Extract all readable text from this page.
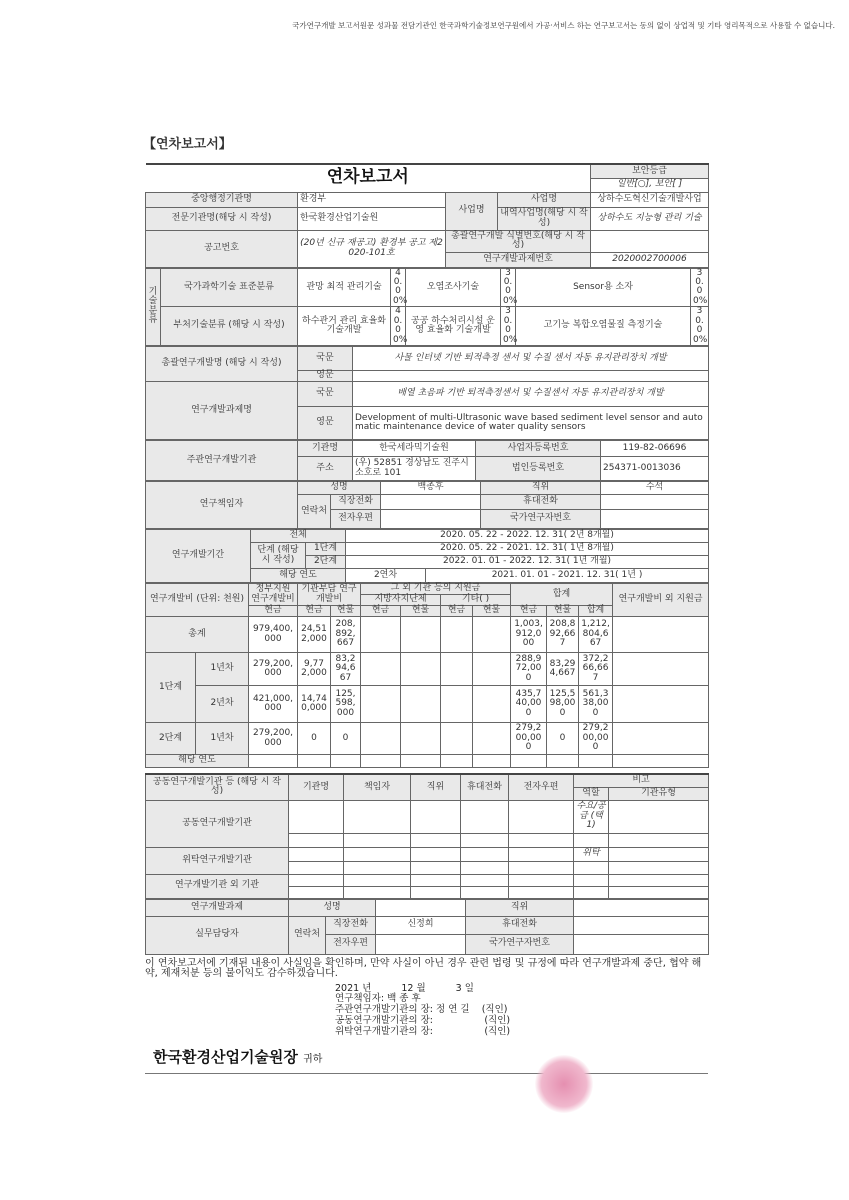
국가연구개발 보고서원문 성과물 전담기관인 한국과학기술정보연구원에서 가공·서비스 하는 연구보고서는 동의 없이 상업적 및 기타 영리목적으로 사용할 수 없습니다.
【연차보고서】
연차보고서				보안등급
				일반[○], 보안[ ]
중앙행정기관명	환경부	사업명	사업명	상하수도혁신기술개발사업
전문기관명(해당 시 작성)	한국환경산업기술원		내역사업명(해당 시 작성)	상하수도 지능형 관리 기술
공고번호	(20년 신규 재공고) 환경부 공고 제2020-101호	총괄연구개발 식별번호(해당 시 작성)		
		연구개발과제번호		2020002700006
기술분류	국가과학기술 표준분류	관망 최적 관리기술	40.00%	오염조사기술	30.00%	Sensor용 소자	30.00%
	부처기술분류 (해당 시 작성)	하수관거 관리 효율화 기술개발	40.00%	공공 하수처리시설 운영 효율화 기술개발	30.00%	고기능 복합오염물질 측정기술	30.00%
총괄연구개발명 (해당 시 작성)	국문	사물 인터넷 기반 퇴적측정 센서 및 수질 센서 자동 유지관리장치 개발
	영문	
연구개발과제명	국문	배열 초음파 기반 퇴적측정센서 및 수질센서 자동 유지관리장치 개발
	영문	Development of multi-Ultrasonic wave based sediment level sensor and automatic maintenance device of water quality sensors
주관연구개발기관	기관명	한국세라믹기술원	사업자등록번호	119-82-06696
	주소	(우) 52851 경상남도 진주시 소호로 101	법인등록번호	254371-0013036
연구책임자	성명		백종후	직위	수석
	연락처	직장전화		휴대전화	
		전자우편		국가연구자번호	
연구개발기간	전체		2020. 05. 22 - 2022. 12. 31( 2년 8개월)	
	단계 (해당 시 작성)	1단계	2020. 05. 22 - 2021. 12. 31( 1년 8개월)	
		2단계	2022. 01. 01 - 2022. 12. 31( 1년 개월)	
	해당 연도		2연차	2021. 01. 01 - 2021. 12. 31( 1년 )
연구개발비 (단위: 천원)		정부지원 연구개발비	기관부담 연구개발비		그 외 기관 등의 지원금				합계			연구개발비 외 지원금
					지방자치단체		기타( )					
		현금	현금	현물	현금	현물	현금	현물	현금	현물	합계	
총계		979,400,000	24,512,000	208,892,667					1,003,912,000	208,892,667	1,212,804,667	
1단계	1년차	279,200,000	9,772,000	83,294,667					288,972,000	83,294,667	372,266,667	
	2년차	421,000,000	14,740,000	125,598,000					435,740,000	125,598,000	561,338,000	
2단계	1년차	279,200,000	0	0					279,200,000	0	279,200,000	
해당 연도												
공동연구개발기관 등 (해당 시 작성)	기관명	책임자	직위	휴대전화	전자우편	비고	
						역할	기관유형
공동연구개발기관						수요/공급 (택1)	

위탁연구개발기관						위탁	

연구개발기관 외 기관							

연구개발과제	성명			직위	
실무담당자	연락처	직장전화	신정희	휴대전화	
		전자우편		국가연구자번호	
이 연차보고서에 기재된 내용이 사실임을 확인하며, 만약 사실이 아닌 경우 관련 법령 및 규정에 따라 연구개발과제 중단, 협약 해약, 제재처분 등의 불이익도 감수하겠습니다.
2021 년	12 월	3 일
연구책임자: 백 종 후
주관연구개발기관의 장: 정 연 길 (직인)
공동연구개발기관의 장:	(직인)
위탁연구개발기관의 장:	(직인)
한국환경산업기술원장 귀하
